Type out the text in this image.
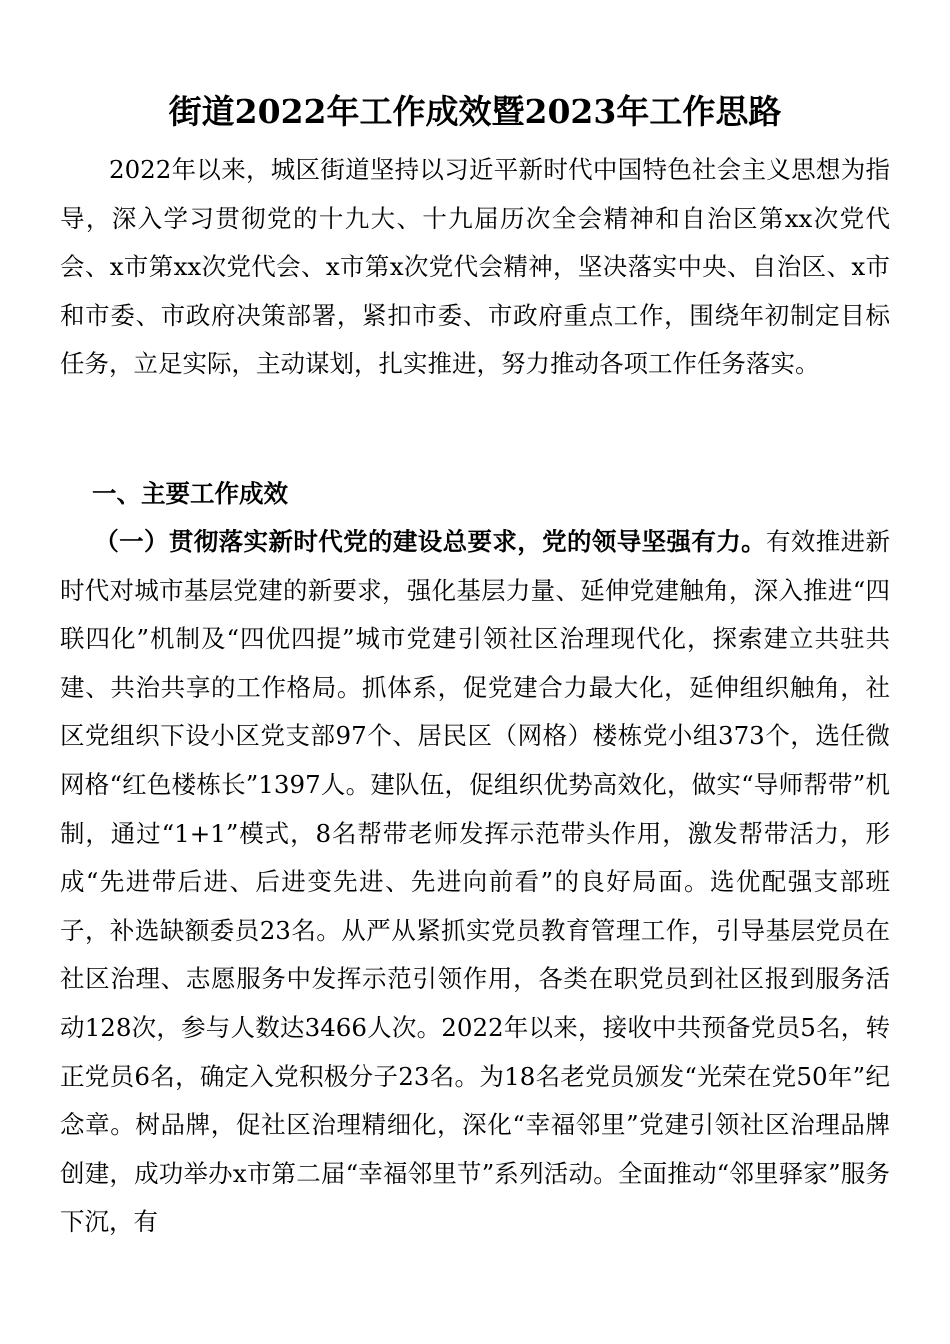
街道2022年工作成效暨2023年工作思路

2022年以来，城区街道坚持以习近平新时代中国特色社会主义思想为指导，深入学习贯彻党的十九大、十九届历次全会精神和自治区第xx次党代会、x市第xx次党代会、x市第x次党代会精神，坚决落实中央、自治区、x市和市委、市政府决策部署，紧扣市委、市政府重点工作，围绕年初制定目标任务，立足实际，主动谋划，扎实推进，努力推动各项工作任务落实。

一、主要工作成效

（一）贯彻落实新时代党的建设总要求，党的领导坚强有力。有效推进新时代对城市基层党建的新要求，强化基层力量、延伸党建触角，深入推进“四联四化”机制及“四优四提”城市党建引领社区治理现代化，探索建立共驻共建、共治共享的工作格局。抓体系，促党建合力最大化，延伸组织触角，社区党组织下设小区党支部97个、居民区（网格）楼栋党小组373个，选任微网格“红色楼栋长”1397人。建队伍，促组织优势高效化，做实“导师帮带”机制，通过“1+1”模式，8名帮带老师发挥示范带头作用，激发帮带活力，形成“先进带后进、后进变先进、先进向前看”的良好局面。选优配强支部班子，补选缺额委员23名。从严从紧抓实党员教育管理工作，引导基层党员在社区治理、志愿服务中发挥示范引领作用，各类在职党员到社区报到服务活动128次，参与人数达3466人次。2022年以来，接收中共预备党员5名，转正党员6名，确定入党积极分子23名。为18名老党员颁发“光荣在党50年”纪念章。树品牌，促社区治理精细化，深化“幸福邻里”党建引领社区治理品牌创建，成功举办x市第二届“幸福邻里节”系列活动。全面推动“邻里驿家”服务下沉，有
